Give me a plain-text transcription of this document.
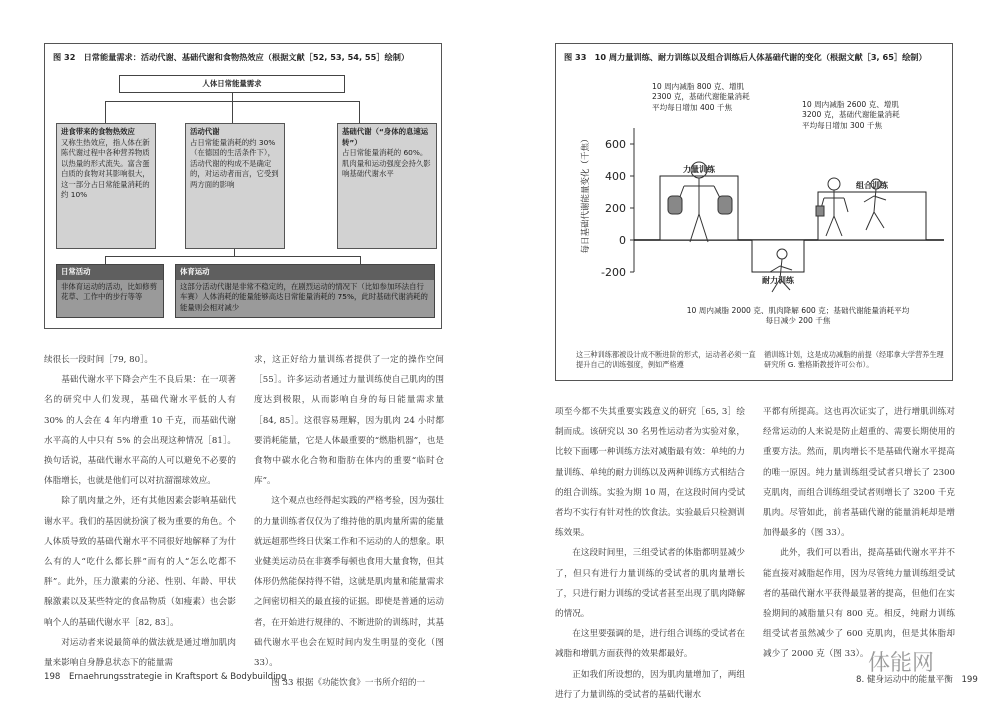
图 32　日常能量需求：活动代谢、基础代谢和食物热效应（根据文献［52, 53, 54, 55］绘制）
人体日常能量需求
进食带来的食物热效应
又称生热效应，指人体在新陈代谢过程中各种营养物质以热量的形式流失。富含蛋白质的食物对其影响很大，这一部分占日常能量消耗的约 10%
活动代谢
占日常能量消耗的约 30%（在德国的生活条件下），活动代谢的构成不是确定的，对运动者而言，它受到两方面的影响
基础代谢（“身体的息速运转”）
占日常能量消耗的 60%。肌肉量和运动强度会持久影响基础代谢水平
日常活动
非体育运动的活动，比如修剪花草、工作中的步行等等
体育运动
这部分活动代谢是非常不稳定的，在剧烈运动的情况下（比如参加环法自行车赛）人体消耗的能量能够高达日常能量消耗的 75%，此时基础代谢消耗的能量则会相对减少
图 33　10 周力量训练、耐力训练以及组合训练后人体基础代谢的变化（根据文献［3, 65］绘制）
每日基础代谢能量变化（千焦） 600
400
200
0
-200
力量训练
耐力训练
组合训练
10 周内减脂 800 克、增肌 2300 克，基础代谢能量消耗平均每日增加 400 千焦	10 周内减脂 2600 克、增肌 3200 克，基础代谢能量消耗平均每日增加 300 千焦
10 周内减脂 2000 克、肌肉降解 600 克；基础代谢能量消耗平均每日减少 200 千焦
这三种训练都被设计成不断进阶的形式，运动者必须一直提升自己的训练强度，例如严格遵
循训练计划，这是成功减脂的前提（经耶拿大学营养生理研究所 G. 雅格斯教授许可公布）。

续很长一段时间［79, 80］。

基础代谢水平下降会产生不良后果：在一项著名的研究中人们发现，基础代谢水平低的人有 30% 的人会在 4 年内增重 10 千克，而基础代谢水平高的人中只有 5% 的会出现这种情况［81］。换句话说，基础代谢水平高的人可以避免不必要的体脂增长，也就是他们可以对抗溜溜球效应。

除了肌肉量之外，还有其他因素会影响基础代谢水平。我们的基因就扮演了极为重要的角色。个人体质导致的基础代谢水平不同很好地解释了为什么有的人“吃什么都长胖”而有的人“怎么吃都不胖”。此外，压力激素的分泌、性别、年龄、甲状腺激素以及某些特定的食品物质（如瘦素）也会影响个人的基础代谢水平［82, 83］。

对运动者来说最简单的做法就是通过增加肌肉量来影响自身静息状态下的能量需

求，这正好给力量训练者提供了一定的操作空间［55］。许多运动者通过力量训练使自己肌肉的围度达到极限，从而影响自身的每日能量需求量［84, 85］。这很容易理解，因为肌肉 24 小时都要消耗能量，它是人体最重要的“燃脂机器”，也是食物中碳水化合物和脂肪在体内的重要“临时仓库”。

这个观点也经得起实践的严格考验，因为强壮的力量训练者仅仅为了维持他的肌肉量所需的能量就远超那些终日伏案工作和不运动的人的想象。职业健美运动员在非赛季每顿也食用大量食物，但其体形仍然能保持得不错，这就是肌肉量和能量需求之间密切相关的最直接的证据。即使是普通的运动者，在开始进行规律的、不断进阶的训练时，其基础代谢水平也会在短时间内发生明显的变化（图 33）。

图 33 根据《功能饮食》一书所介绍的一

项至今都不失其重要实践意义的研究［65, 3］绘制而成。该研究以 30 名男性运动者为实验对象，比较下面哪一种训练方法对减脂最有效：单纯的力量训练、单纯的耐力训练以及两种训练方式相结合的组合训练。实验为期 10 周，在这段时间内受试者均不实行有针对性的饮食法。实验最后只检测训练效果。

在这段时间里，三组受试者的体脂都明显减少了，但只有进行力量训练的受试者的肌肉量增长了，只进行耐力训练的受试者甚至出现了肌肉降解的情况。

在这里要强调的是，进行组合训练的受试者在减脂和增肌方面获得的效果都最好。

正如我们所设想的，因为肌肉量增加了，两组进行了力量训练的受试者的基础代谢水

平都有所提高。这也再次证实了，进行增肌训练对经常运动的人来说是防止超重的、需要长期使用的重要方法。然而，肌肉增长不是基础代谢水平提高的唯一原因。纯力量训练组受试者只增长了 2300 克肌肉，而组合训练组受试者则增长了 3200 千克肌肉。尽管如此，前者基础代谢的能量消耗却是增加得最多的（图 33）。

此外，我们可以看出，提高基础代谢水平并不能直接对减脂起作用，因为尽管纯力量训练组受试者的基础代谢水平获得最显著的提高，但他们在实验期间的减脂量只有 800 克。相反，纯耐力训练组受试者虽然减少了 600 克肌肉，但是其体脂却减少了 2000 克（图 33）。

198　Ernaehrungsstrategie in Kraftsport & Bodybuilding	8. 健身运动中的能量平衡　199
体能网
